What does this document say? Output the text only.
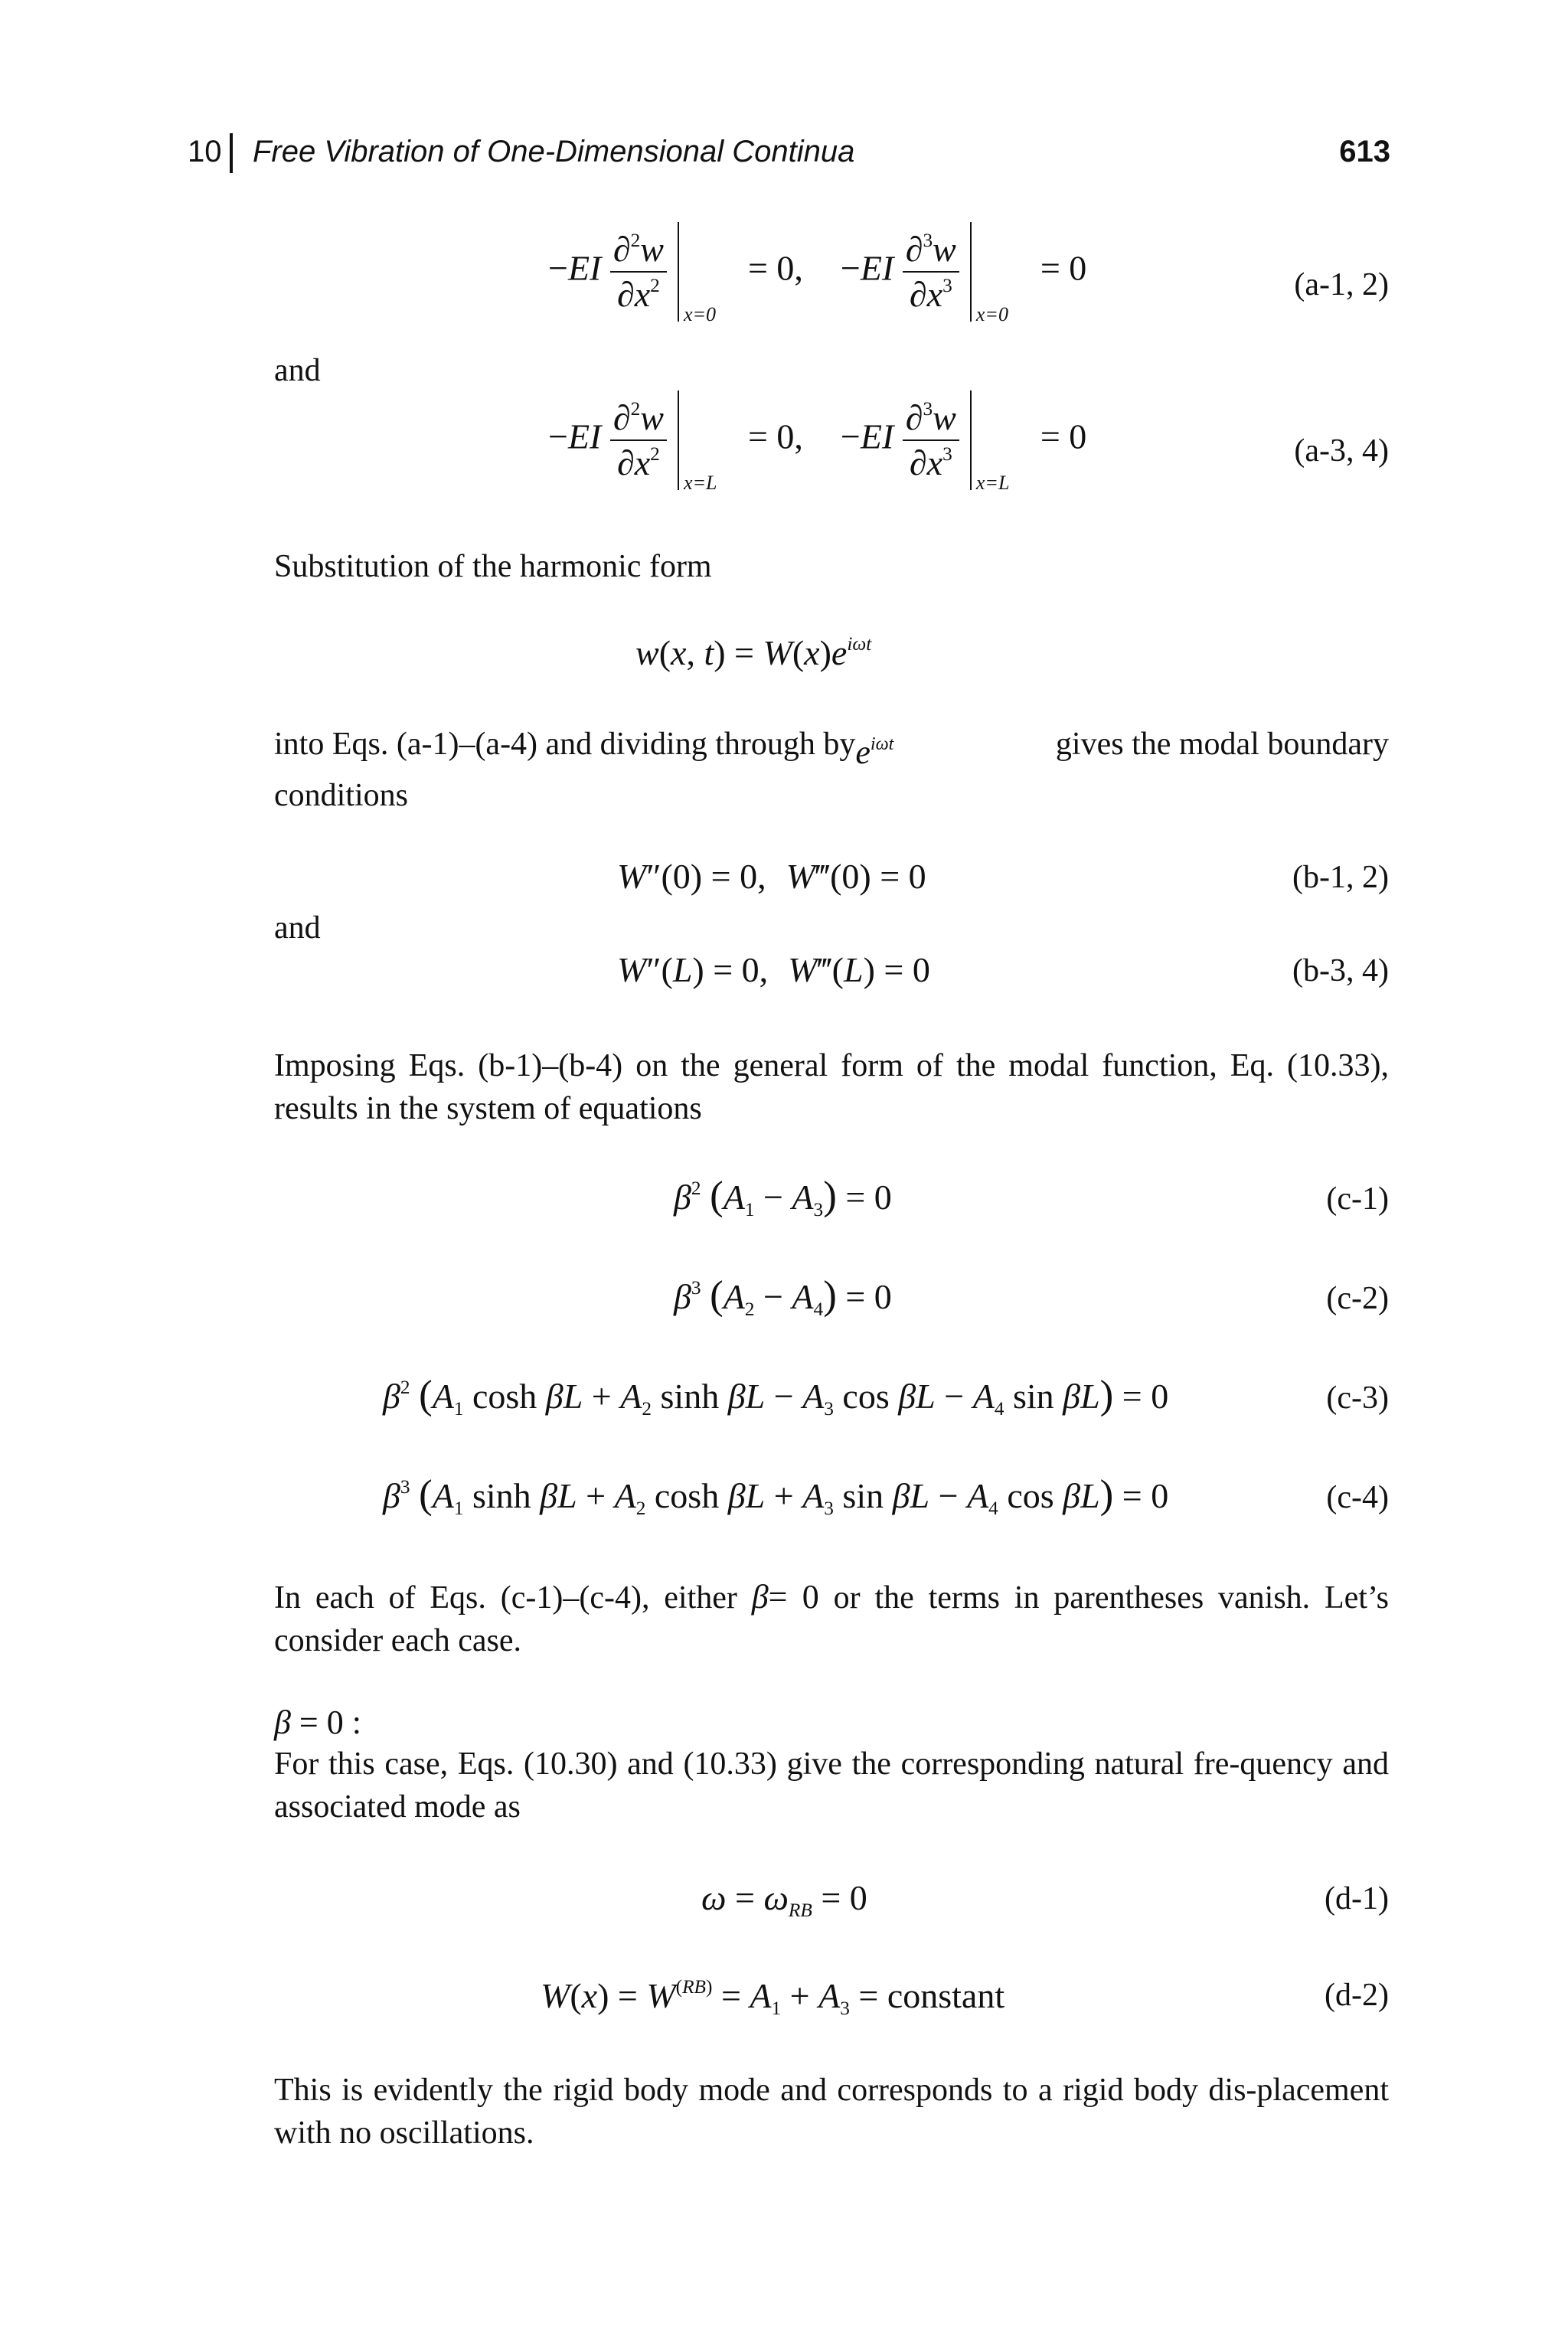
10 Free Vibration of One-Dimensional Continua	613
$-EI \frac{\partial^2w}{\partial x^2} x=0$
= 0, $-EI \frac{\partial^3w}{\partial x^3} x=0$
= 0	(a-1, 2)
and
$-EI \frac{\partial^2w}{\partial x^2} x=L$
= 0, $-EI \frac{\partial^3w}{\partial x^3} x=L$
= 0	(a-3, 4)
Substitution of the harmonic form
w(x, $t) = W(x)e^{i\omega t}$
into Eqs. (a-1)–(a-4) and dividing through by $e^{i\omega t}$	gives the modal boundary
conditions
W″(0) = 0, W‴(0) = 0	(b-1, 2)
and
W″(L) = 0, W‴(L) = 0	(b-3, 4)
Imposing Eqs. (b-1)–(b-4) on the general form of the modal function, Eq. (10.33), results in the system of equations
$\beta^2$ $(A_1 - A_3) = 0$	(c-1)
$\beta^3$ $(A_2 - A_4) = 0$	(c-2)
$\beta^2$ ($A_1$ $\cosh \beta L + A_2$ $\sinh \beta L - A_3$ $\cos \beta L - A_4$ sin βL) = 0	(c-3)
$\beta^3$ ($A_1$ $\sinh \beta L + A_2$ $\cosh \beta L + A_3$ $\sin \beta L - A_4$ cos βL) = 0	(c-4)
In each of Eqs. (c-1)–(c-4), either β= 0 or the terms in parentheses vanish. Let’s consider each case.
β = 0 :
For this case, Eqs. (10.30) and (10.33) give the corresponding natural fre-quency and associated mode as
$\omega = \omega_{RB} = 0$	(d-1)
$W(x) = W^{(RB)} = A_1 + A_3$ = constant	(d-2)
This is evidently the rigid body mode and corresponds to a rigid body dis-placement with no oscillations.
